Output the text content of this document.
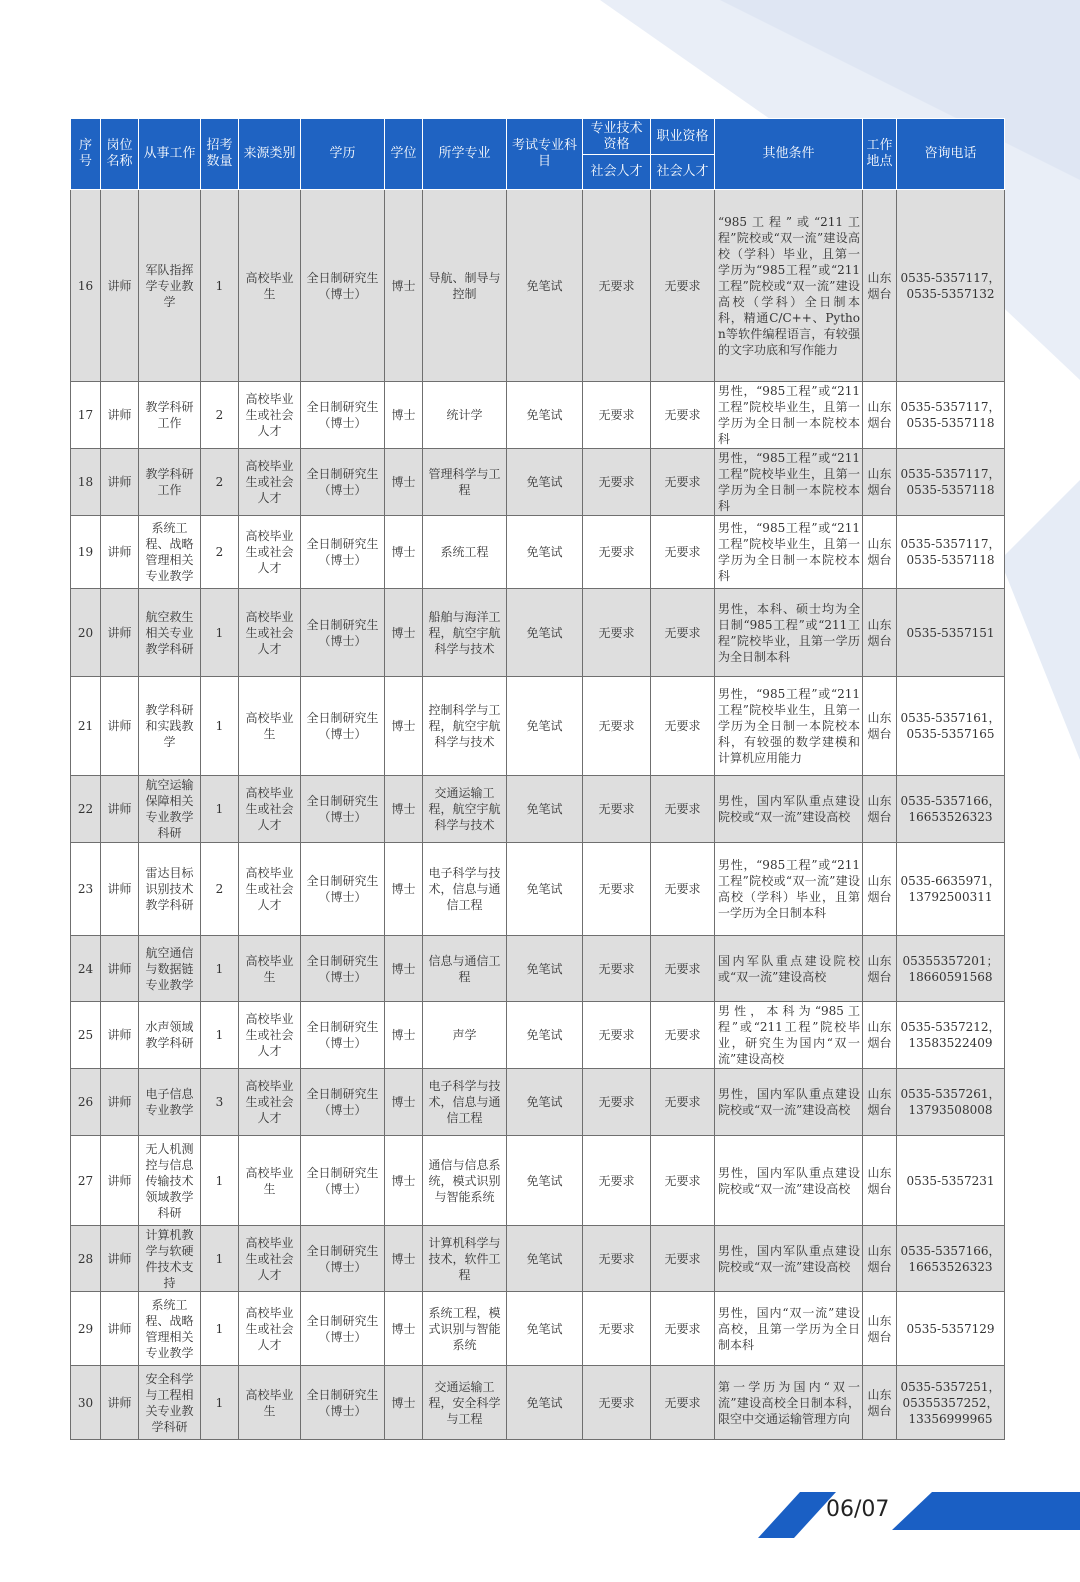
序号	岗位名称	从事工作	招考数量	来源类别	学历	学位	所学专业	考试专业科目	专业技术资格	职业资格	其他条件	工作地点	咨询电话
									社会人才	社会人才			
16	讲师	军队指挥学专业教学	1	高校毕业生	全日制研究生（博士）	博士	导航、制导与控制	免笔试	无要求	无要求	“985工程”或“211工程”院校或“双一流”建设高校（学科）毕业，且第一学历为“985工程”或“211工程”院校或“双一流”建设高校（学科）全日制本科，精通C/C++、Python等软件编程语言，有较强的文字功底和写作能力	山东烟台	0535-5357117，0535-5357132
17	讲师	教学科研工作	2	高校毕业生或社会人才	全日制研究生（博士）	博士	统计学	免笔试	无要求	无要求	男性，“985工程”或“211工程”院校毕业生，且第一学历为全日制一本院校本科	山东烟台	0535-5357117，0535-5357118
18	讲师	教学科研工作	2	高校毕业生或社会人才	全日制研究生（博士）	博士	管理科学与工程	免笔试	无要求	无要求	男性，“985工程”或“211工程”院校毕业生，且第一学历为全日制一本院校本科	山东烟台	0535-5357117，0535-5357118
19	讲师	系统工程、战略管理相关专业教学	2	高校毕业生或社会人才	全日制研究生（博士）	博士	系统工程	免笔试	无要求	无要求	男性，“985工程”或“211工程”院校毕业生，且第一学历为全日制一本院校本科	山东烟台	0535-5357117，0535-5357118
20	讲师	航空救生相关专业教学科研	1	高校毕业生或社会人才	全日制研究生（博士）	博士	船舶与海洋工程，航空宇航科学与技术	免笔试	无要求	无要求	男性，本科、硕士均为全日制“985工程”或“211工程”院校毕业，且第一学历为全日制本科	山东烟台	0535-5357151
21	讲师	教学科研和实践教学	1	高校毕业生	全日制研究生（博士）	博士	控制科学与工程，航空宇航科学与技术	免笔试	无要求	无要求	男性，“985工程”或“211工程”院校毕业生，且第一学历为全日制一本院校本科，有较强的数学建模和计算机应用能力	山东烟台	0535-5357161，0535-5357165
22	讲师	航空运输保障相关专业教学科研	1	高校毕业生或社会人才	全日制研究生（博士）	博士	交通运输工程，航空宇航科学与技术	免笔试	无要求	无要求	男性，国内军队重点建设院校或“双一流”建设高校	山东烟台	0535-5357166，16653526323
23	讲师	雷达目标识别技术教学科研	2	高校毕业生或社会人才	全日制研究生（博士）	博士	电子科学与技术，信息与通信工程	免笔试	无要求	无要求	男性，“985工程”或“211工程”院校或“双一流”建设高校（学科）毕业，且第一学历为全日制本科	山东烟台	0535-6635971，13792500311
24	讲师	航空通信与数据链专业教学	1	高校毕业生	全日制研究生（博士）	博士	信息与通信工程	免笔试	无要求	无要求	国内军队重点建设院校或“双一流”建设高校	山东烟台	05355357201；18660591568
25	讲师	水声领域教学科研	1	高校毕业生或社会人才	全日制研究生（博士）	博士	声学	免笔试	无要求	无要求	男性，本科为“985工程”或“211工程”院校毕业，研究生为国内“双一流”建设高校	山东烟台	0535-5357212，13583522409
26	讲师	电子信息专业教学	3	高校毕业生或社会人才	全日制研究生（博士）	博士	电子科学与技术，信息与通信工程	免笔试	无要求	无要求	男性，国内军队重点建设院校或“双一流”建设高校	山东烟台	0535-5357261，13793508008
27	讲师	无人机测控与信息传输技术领域教学科研	1	高校毕业生	全日制研究生（博士）	博士	通信与信息系统，模式识别与智能系统	免笔试	无要求	无要求	男性，国内军队重点建设院校或“双一流”建设高校	山东烟台	0535-5357231
28	讲师	计算机教学与软硬件技术支持	1	高校毕业生或社会人才	全日制研究生（博士）	博士	计算机科学与技术，软件工程	免笔试	无要求	无要求	男性，国内军队重点建设院校或“双一流”建设高校	山东烟台	0535-5357166，16653526323
29	讲师	系统工程、战略管理相关专业教学	1	高校毕业生或社会人才	全日制研究生（博士）	博士	系统工程，模式识别与智能系统	免笔试	无要求	无要求	男性，国内“双一流”建设高校，且第一学历为全日制本科	山东烟台	0535-5357129
30	讲师	安全科学与工程相关专业教学科研	1	高校毕业生	全日制研究生（博士）	博士	交通运输工程，安全科学与工程	免笔试	无要求	无要求	第一学历为国内“双一流”建设高校全日制本科，限空中交通运输管理方向	山东烟台	0535-5357251，05355357252，13356999965
06/07
